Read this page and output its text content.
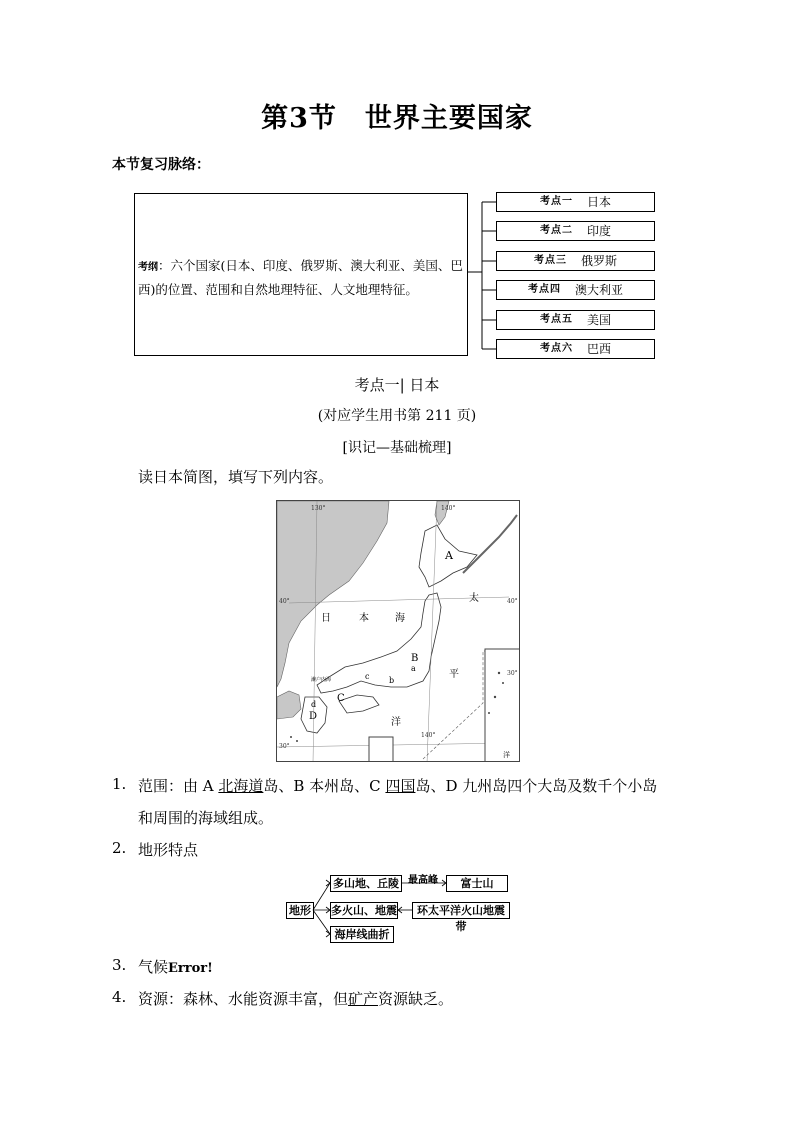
第3节 世界主要国家
本节复习脉络：
考纲：六个国家(日本、印度、俄罗斯、澳大利亚、美国、巴西)的位置、范围和自然地理特征、人文地理特征。
考点一 日本
考点二 印度
考点三 俄罗斯
考点四 澳大利亚
考点五 美国
考点六 巴西
考点一| 日本
(对应学生用书第 211 页)
[识记—基础梳理]
读日本简图，填写下列内容。
A
B
a
b
c
C
d
D
日	本	海
太
平
洋
濑户内海
130°	140°
40°	40°
30°
30°
洋
140°
1. 范围：由 A 北海道岛、B 本州岛、C 四国岛、D 九州岛四个大岛及数千个小岛
和周围的海域组成。
2. 地形特点
地形
多山地、丘陵
多火山、地震
海岸线曲折
最高峰	富士山
环太平洋火山地震带
3. 气候Error!
4. 资源：森林、水能资源丰富，但矿产资源缺乏。
